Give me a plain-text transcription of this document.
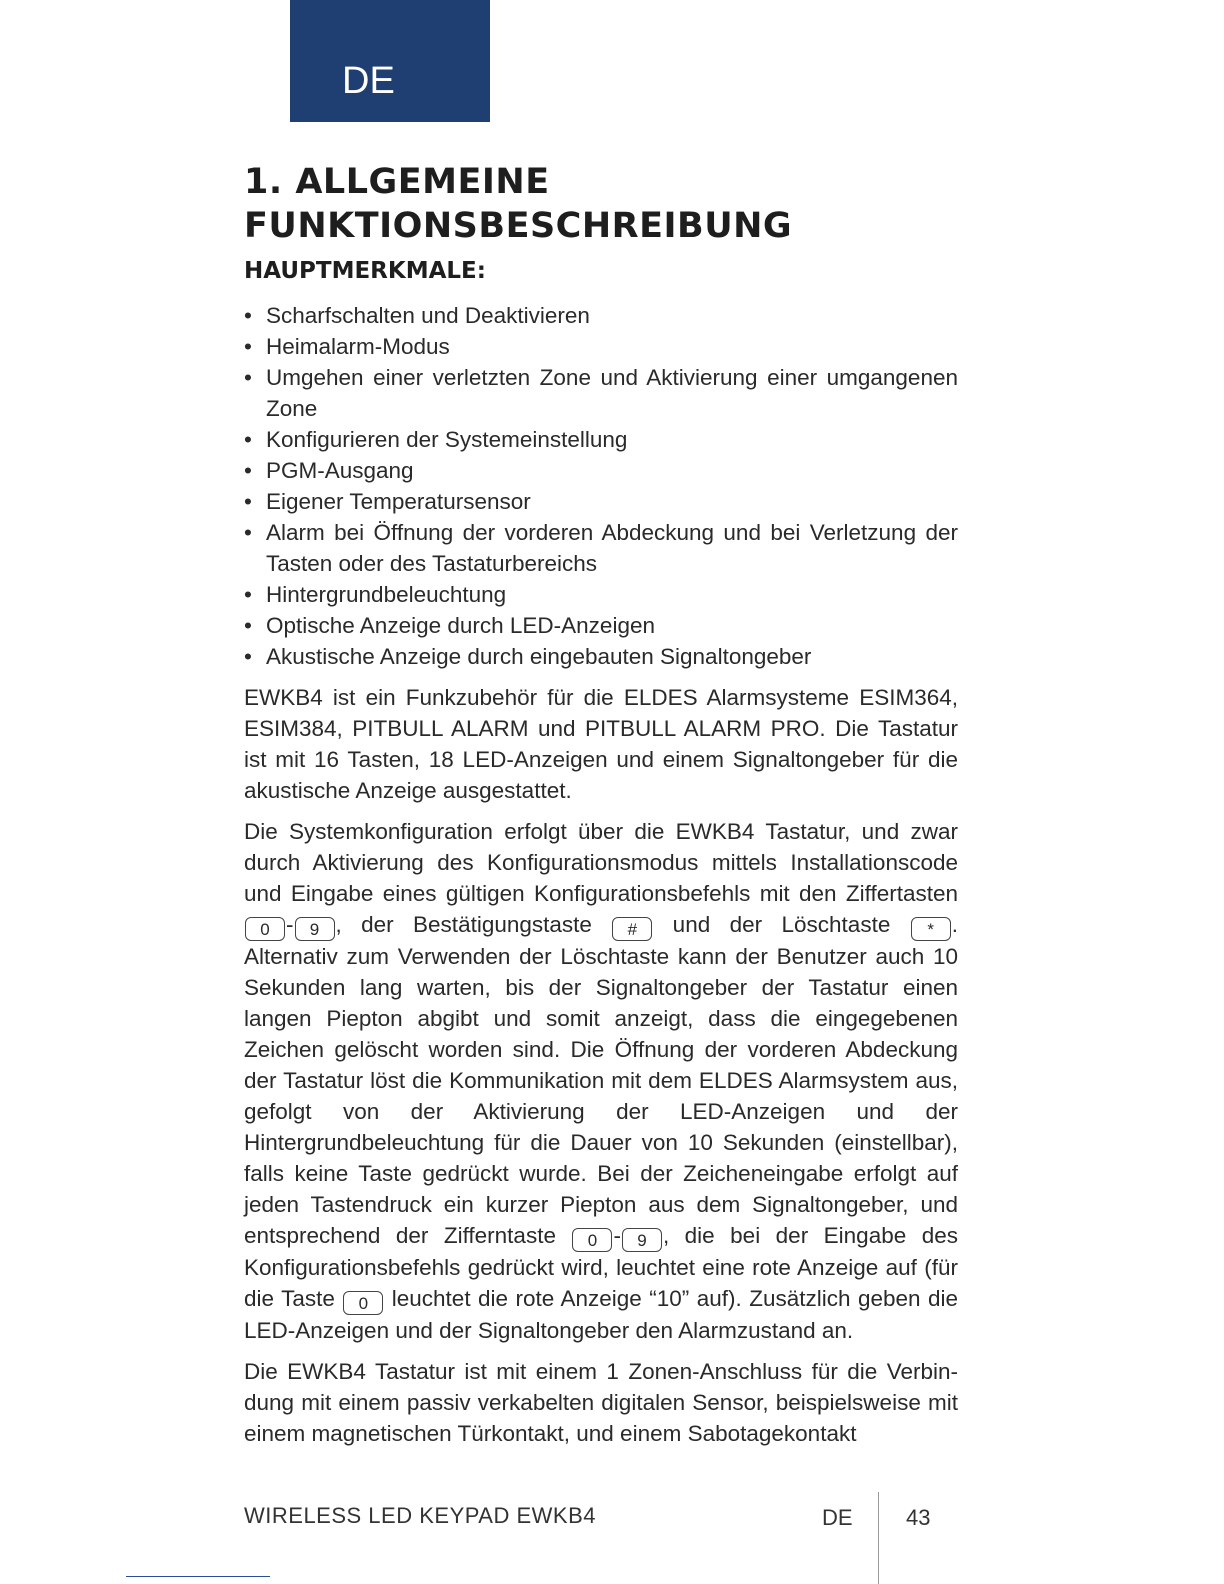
DE
1. ALLGEMEINE
FUNKTIONSBESCHREIBUNG
HAUPTMERKMALE:
• Scharfschalten und Deaktivieren
• Heimalarm-Modus
• Umgehen einer verletzten Zone und Aktivierung einer umgangenen Zone
• Konfigurieren der Systemeinstellung
• PGM-Ausgang
• Eigener Temperatursensor
• Alarm bei Öffnung der vorderen Abdeckung und bei Verletzung der Tasten oder des Tastaturbereichs
• Hintergrundbeleuchtung
• Optische Anzeige durch LED-Anzeigen
• Akustische Anzeige durch eingebauten Signaltongeber

EWKB4 ist ein Funkzubehör für die ELDES Alarmsysteme ESIM364, ESIM384, PITBULL ALARM und PITBULL ALARM PRO. Die Tastatur ist mit 16 Tasten, 18 LED-Anzeigen und einem Signaltongeber für die akustische Anzeige ausgestattet.

Die Systemkonfiguration erfolgt über die EWKB4 Tastatur, und zwar durch Aktivierung des Konfigurationsmodus mittels Installationscode und Eingabe eines gültigen Konfigurationsbefehls mit den Ziffertasten 0 - 9 , der Bestätigungstaste # und der Löschtaste * . Alternativ zum Verwenden der Löschtaste kann der Benutzer auch 10 Sekunden lang warten, bis der Signaltongeber der Tastatur einen langen Piepton abgibt und somit anzeigt, dass die eingegebenen Zeichen gelöscht worden sind. Die Öffnung der vorderen Abdeckung der Tastatur löst die Kommunikation mit dem ELDES Alarmsystem aus, gefolgt von der Aktivierung der LED-Anzeigen und der Hintergrundbeleuchtung für die Dauer von 10 Sekunden (einstellbar), falls keine Taste gedrückt wurde. Bei der Zeicheneingabe erfolgt auf jeden Tastendruck ein kurzer Piepton aus dem Signaltongeber, und entsprechend der Zifferntaste 0 - 9 , die bei der Eingabe des Konfigurationsbefehls gedrückt wird, leuchtet eine rote Anzeige auf (für die Taste 0 leuchtet die rote Anzeige “10” auf). Zusätzlich geben die LED-Anzeigen und der Signaltongeber den Alarmzustand an.

Die EWKB4 Tastatur ist mit einem 1 Zonen-Anschluss für die Verbindung mit einem passiv verkabelten digitalen Sensor, beispielsweise mit einem magnetischen Türkontakt, und einem Sabotagekontakt

WIRELESS LED KEYPAD EWKB4	DE 43
